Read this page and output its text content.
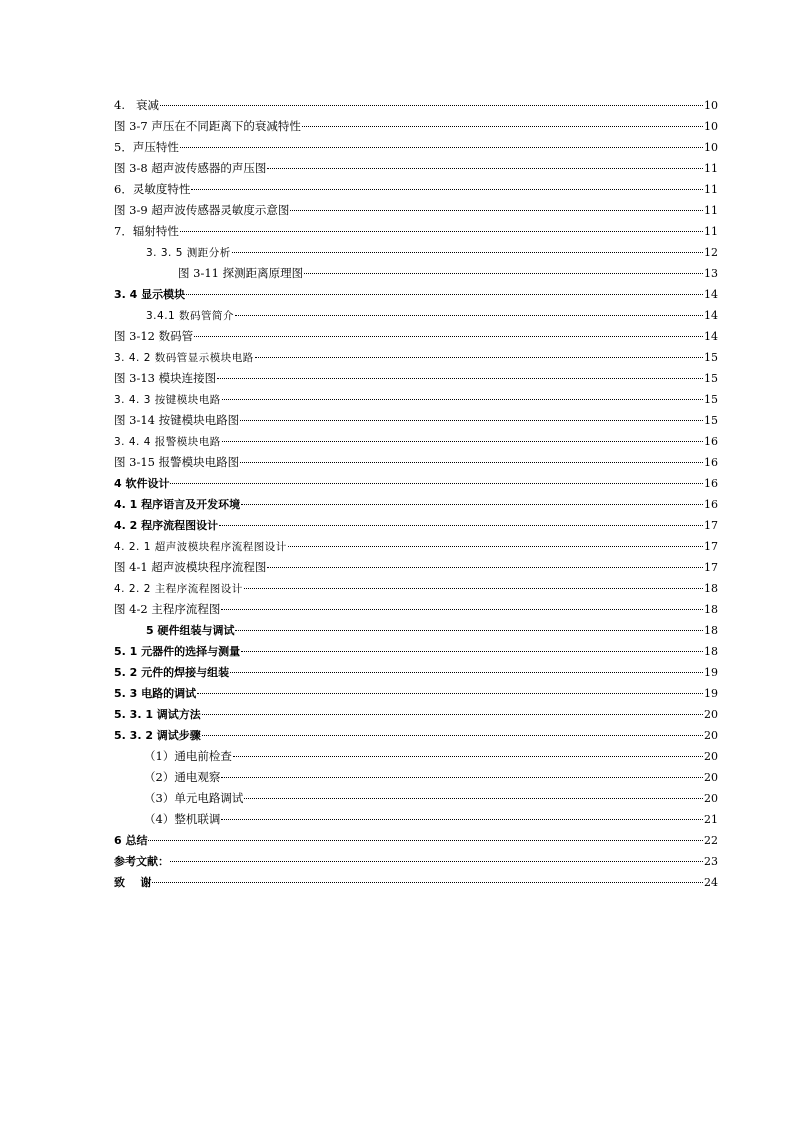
4.   衰减	10
图 3-7 声压在不同距离下的衰减特性	10
5．声压特性	10
图 3-8 超声波传感器的声压图	11
6．灵敏度特性	11
图 3-9 超声波传感器灵敏度示意图	11
7．辐射特性	11
3. 3. 5 测距分析	12
图 3-11 探测距离原理图	13
3. 4 显示模块	14
3.4.1 数码管简介	14
图 3-12 数码管	14
3. 4. 2 数码管显示模块电路	15
图 3-13 模块连接图	15
3. 4. 3 按键模块电路	15
图 3-14 按键模块电路图	15
3. 4. 4 报警模块电路	16
图 3-15 报警模块电路图	16
4 软件设计	16
4. 1 程序语言及开发环境	16
4. 2 程序流程图设计	17
4. 2. 1 超声波模块程序流程图设计	17
图 4-1 超声波模块程序流程图	17
4. 2. 2 主程序流程图设计	18
图 4-2 主程序流程图	18
5 硬件组装与调试	18
5. 1 元器件的选择与测量	18
5. 2 元件的焊接与组装	19
5. 3 电路的调试	19
5. 3. 1 调试方法	20
5. 3. 2 调试步骤	20
（1）通电前检查	20
（2）通电观察	20
（3）单元电路调试	20
（4）整机联调	21
6 总结	22
参考文献：	23
致    谢	24
